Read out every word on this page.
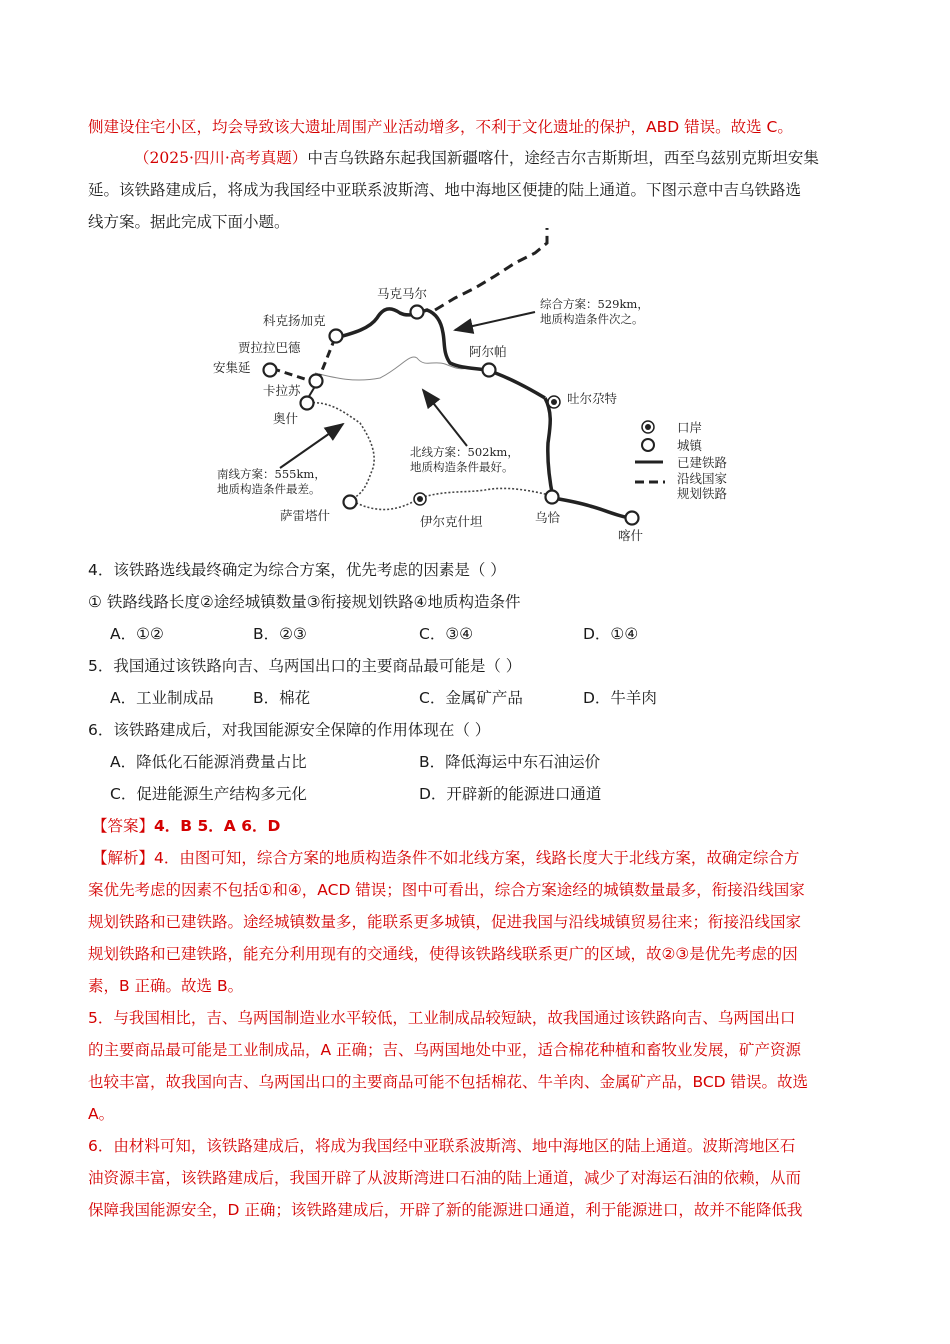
侧建设住宅小区，均会导致该大遗址周围产业活动增多，不利于文化遗址的保护，ABD 错误。故选 C。
（2025·四川·高考真题）中吉乌铁路东起我国新疆喀什，途经吉尔吉斯斯坦，西至乌兹别克斯坦安集
延。该铁路建成后，将成为我国经中亚联系波斯湾、地中海地区便捷的陆上通道。下图示意中吉乌铁路选
线方案。据此完成下面小题。
马克马尔
科克扬加克
贾拉拉巴德
安集延
卡拉苏
奥什
阿尔帕
吐尔尕特
萨雷塔什	伊尔克什坦	乌恰
喀什
综合方案：529km，
地质构造条件次之。
北线方案：502km，
地质构造条件最好。
南线方案：555km，
地质构造条件最差。
口岸
城镇
已建铁路
沿线国家
规划铁路
4．该铁路选线最终确定为综合方案，优先考虑的因素是（ ）
① 铁路线路长度②途经城镇数量③衔接规划铁路④地质构造条件
A．①②	B．②③	C．③④	D．①④
5．我国通过该铁路向吉、乌两国出口的主要商品最可能是（ ）
A．工业制成品	B．棉花	C．金属矿产品	D．牛羊肉
6．该铁路建成后，对我国能源安全保障的作用体现在（ ）
A．降低化石能源消费量占比	B．降低海运中东石油运价
C．促进能源生产结构多元化	D．开辟新的能源进口通道
【答案】4．B 5．A 6．D
【解析】4．由图可知，综合方案的地质构造条件不如北线方案，线路长度大于北线方案，故确定综合方
案优先考虑的因素不包括①和④，ACD 错误；图中可看出，综合方案途经的城镇数量最多，衔接沿线国家
规划铁路和已建铁路。途经城镇数量多，能联系更多城镇，促进我国与沿线城镇贸易往来；衔接沿线国家
规划铁路和已建铁路，能充分利用现有的交通线，使得该铁路线联系更广的区域，故②③是优先考虑的因
素，B 正确。故选 B。
5．与我国相比，吉、乌两国制造业水平较低，工业制成品较短缺，故我国通过该铁路向吉、乌两国出口
的主要商品最可能是工业制成品，A 正确；吉、乌两国地处中亚，适合棉花种植和畜牧业发展，矿产资源
也较丰富，故我国向吉、乌两国出口的主要商品可能不包括棉花、牛羊肉、金属矿产品，BCD 错误。故选
A。
6．由材料可知，该铁路建成后，将成为我国经中亚联系波斯湾、地中海地区的陆上通道。波斯湾地区石
油资源丰富，该铁路建成后，我国开辟了从波斯湾进口石油的陆上通道，减少了对海运石油的依赖，从而
保障我国能源安全，D 正确；该铁路建成后，开辟了新的能源进口通道，利于能源进口，故并不能降低我
